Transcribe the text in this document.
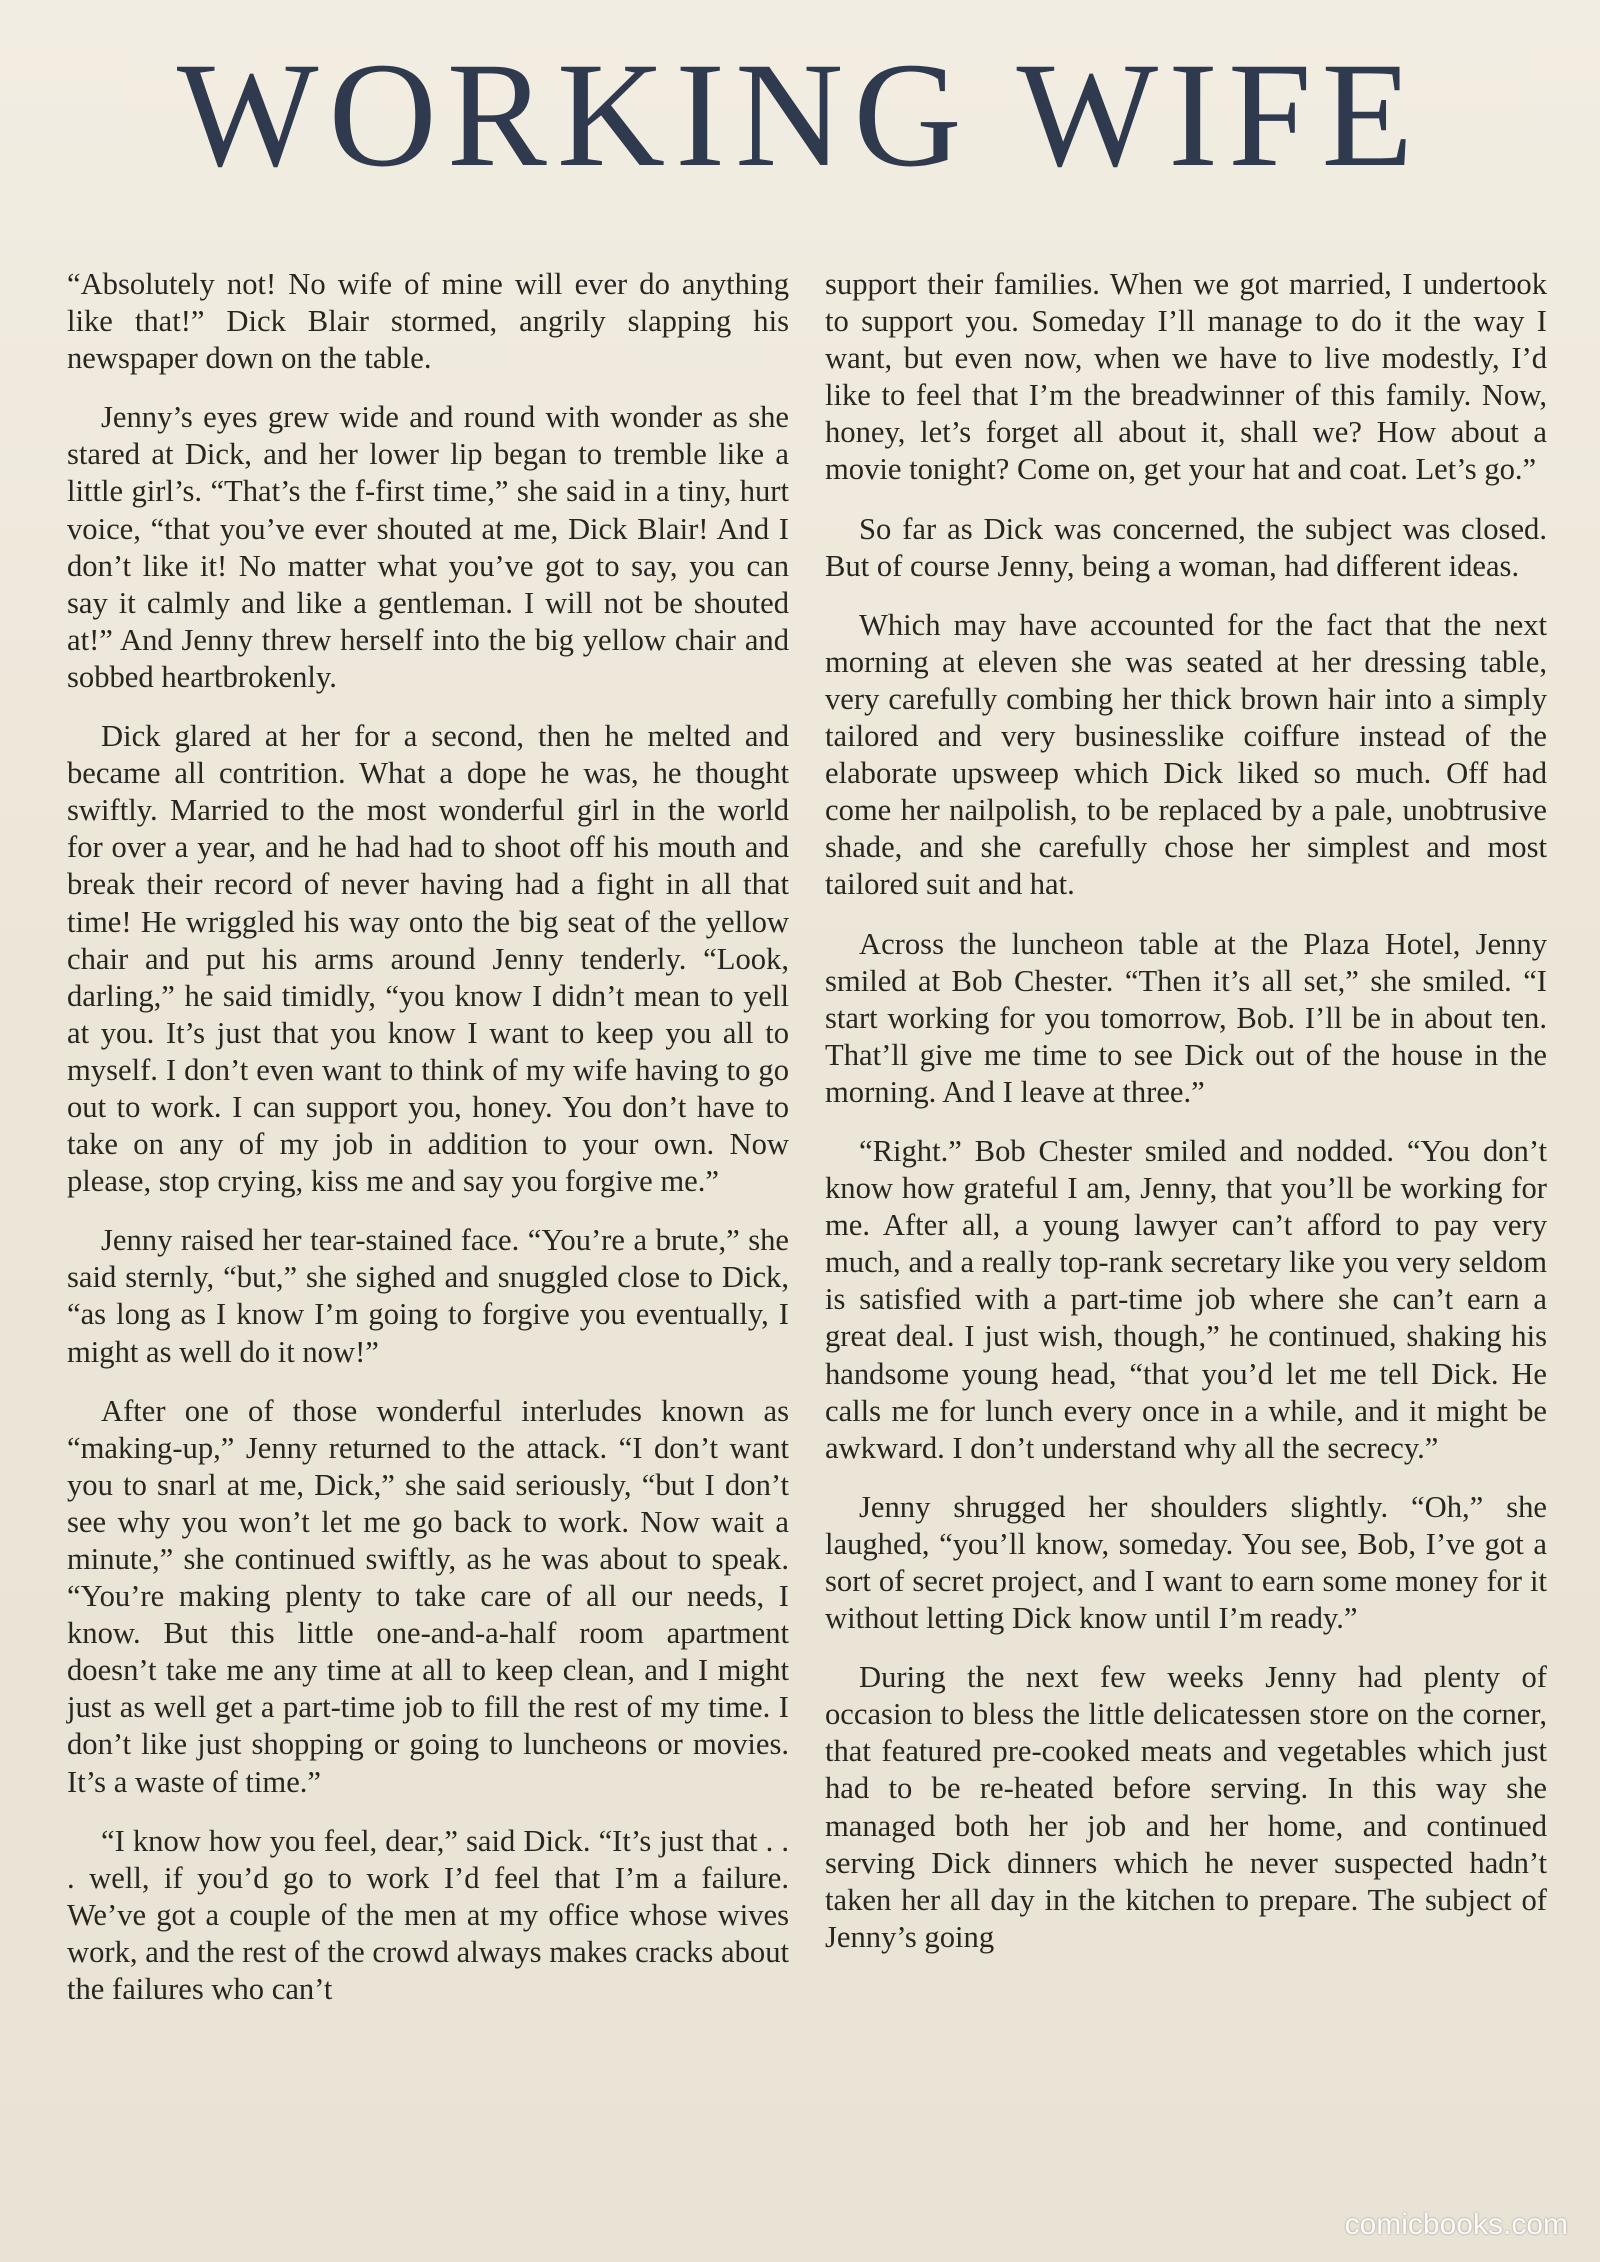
WORKING WIFE

“Absolutely not! No wife of mine will ever do anything like that!” Dick Blair stormed, angrily slapping his newspaper down on the table.

Jenny’s eyes grew wide and round with wonder as she stared at Dick, and her lower lip began to tremble like a little girl’s. “That’s the f-first time,” she said in a tiny, hurt voice, “that you’ve ever shouted at me, Dick Blair! And I don’t like it! No matter what you’ve got to say, you can say it calmly and like a gentleman. I will not be shouted at!” And Jenny threw herself into the big yellow chair and sobbed heartbrokenly.

Dick glared at her for a second, then he melted and became all contrition. What a dope he was, he thought swiftly. Married to the most wonderful girl in the world for over a year, and he had had to shoot off his mouth and break their record of never having had a fight in all that time! He wriggled his way onto the big seat of the yellow chair and put his arms around Jenny tenderly. “Look, darling,” he said timidly, “you know I didn’t mean to yell at you. It’s just that you know I want to keep you all to myself. I don’t even want to think of my wife having to go out to work. I can support you, honey. You don’t have to take on any of my job in addition to your own. Now please, stop crying, kiss me and say you forgive me.”

Jenny raised her tear-stained face. “You’re a brute,” she said sternly, “but,” she sighed and snuggled close to Dick, “as long as I know I’m going to forgive you eventually, I might as well do it now!”

After one of those wonderful interludes known as “making-up,” Jenny returned to the attack. “I don’t want you to snarl at me, Dick,” she said seriously, “but I don’t see why you won’t let me go back to work. Now wait a minute,” she continued swiftly, as he was about to speak. “You’re making plenty to take care of all our needs, I know. But this little one-and-a-half room apartment doesn’t take me any time at all to keep clean, and I might just as well get a part-time job to fill the rest of my time. I don’t like just shopping or going to luncheons or movies. It’s a waste of time.”

“I know how you feel, dear,” said Dick. “It’s just that . . . well, if you’d go to work I’d feel that I’m a failure. We’ve got a couple of the men at my office whose wives work, and the rest of the crowd always makes cracks about the failures who can’t

support their families. When we got married, I undertook to support you. Someday I’ll manage to do it the way I want, but even now, when we have to live modestly, I’d like to feel that I’m the breadwinner of this family. Now, honey, let’s forget all about it, shall we? How about a movie tonight? Come on, get your hat and coat. Let’s go.”

So far as Dick was concerned, the subject was closed. But of course Jenny, being a woman, had different ideas.

Which may have accounted for the fact that the next morning at eleven she was seated at her dressing table, very carefully combing her thick brown hair into a simply tailored and very businesslike coiffure instead of the elaborate upsweep which Dick liked so much. Off had come her nailpolish, to be replaced by a pale, unobtrusive shade, and she carefully chose her simplest and most tailored suit and hat.

Across the luncheon table at the Plaza Hotel, Jenny smiled at Bob Chester. “Then it’s all set,” she smiled. “I start working for you tomorrow, Bob. I’ll be in about ten. That’ll give me time to see Dick out of the house in the morning. And I leave at three.”

“Right.” Bob Chester smiled and nodded. “You don’t know how grateful I am, Jenny, that you’ll be working for me. After all, a young lawyer can’t afford to pay very much, and a really top-rank secretary like you very seldom is satisfied with a part-time job where she can’t earn a great deal. I just wish, though,” he continued, shaking his handsome young head, “that you’d let me tell Dick. He calls me for lunch every once in a while, and it might be awkward. I don’t understand why all the secrecy.”

Jenny shrugged her shoulders slightly. “Oh,” she laughed, “you’ll know, someday. You see, Bob, I’ve got a sort of secret project, and I want to earn some money for it without letting Dick know until I’m ready.”

During the next few weeks Jenny had plenty of occasion to bless the little delicatessen store on the corner, that featured pre-cooked meats and vegetables which just had to be re-heated before serving. In this way she managed both her job and her home, and continued serving Dick dinners which he never suspected hadn’t taken her all day in the kitchen to prepare. The subject of Jenny’s going

comicbooks.com
